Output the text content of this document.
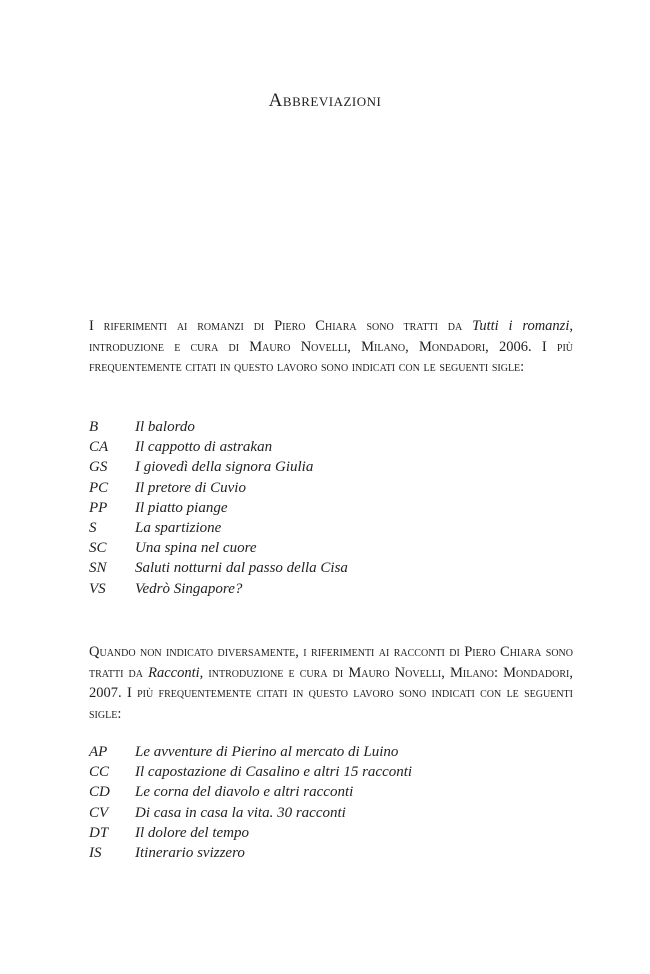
Abbreviazioni

I riferimenti ai romanzi di Piero Chiara sono tratti da Tutti i romanzi, introduzione e cura di Mauro Novelli, Milano, Mondadori, 2006. I più frequentemente citati in questo lavoro sono indicati con le seguenti sigle:

B	Il balordo
CA	Il cappotto di astrakan
GS	I giovedì della signora Giulia
PC	Il pretore di Cuvio
PP	Il piatto piange
S	La spartizione
SC	Una spina nel cuore
SN	Saluti notturni dal passo della Cisa
VS	Vedrò Singapore?

Quando non indicato diversamente, i riferimenti ai racconti di Piero Chiara sono tratti da Racconti, introduzione e cura di Mauro Novelli, Milano: Mondadori, 2007. I più frequentemente citati in questo lavoro sono indicati con le seguenti sigle:

AP	Le avventure di Pierino al mercato di Luino
CC	Il capostazione di Casalino e altri 15 racconti
CD	Le corna del diavolo e altri racconti
CV	Di casa in casa la vita. 30 racconti
DT	Il dolore del tempo
IS	Itinerario svizzero
